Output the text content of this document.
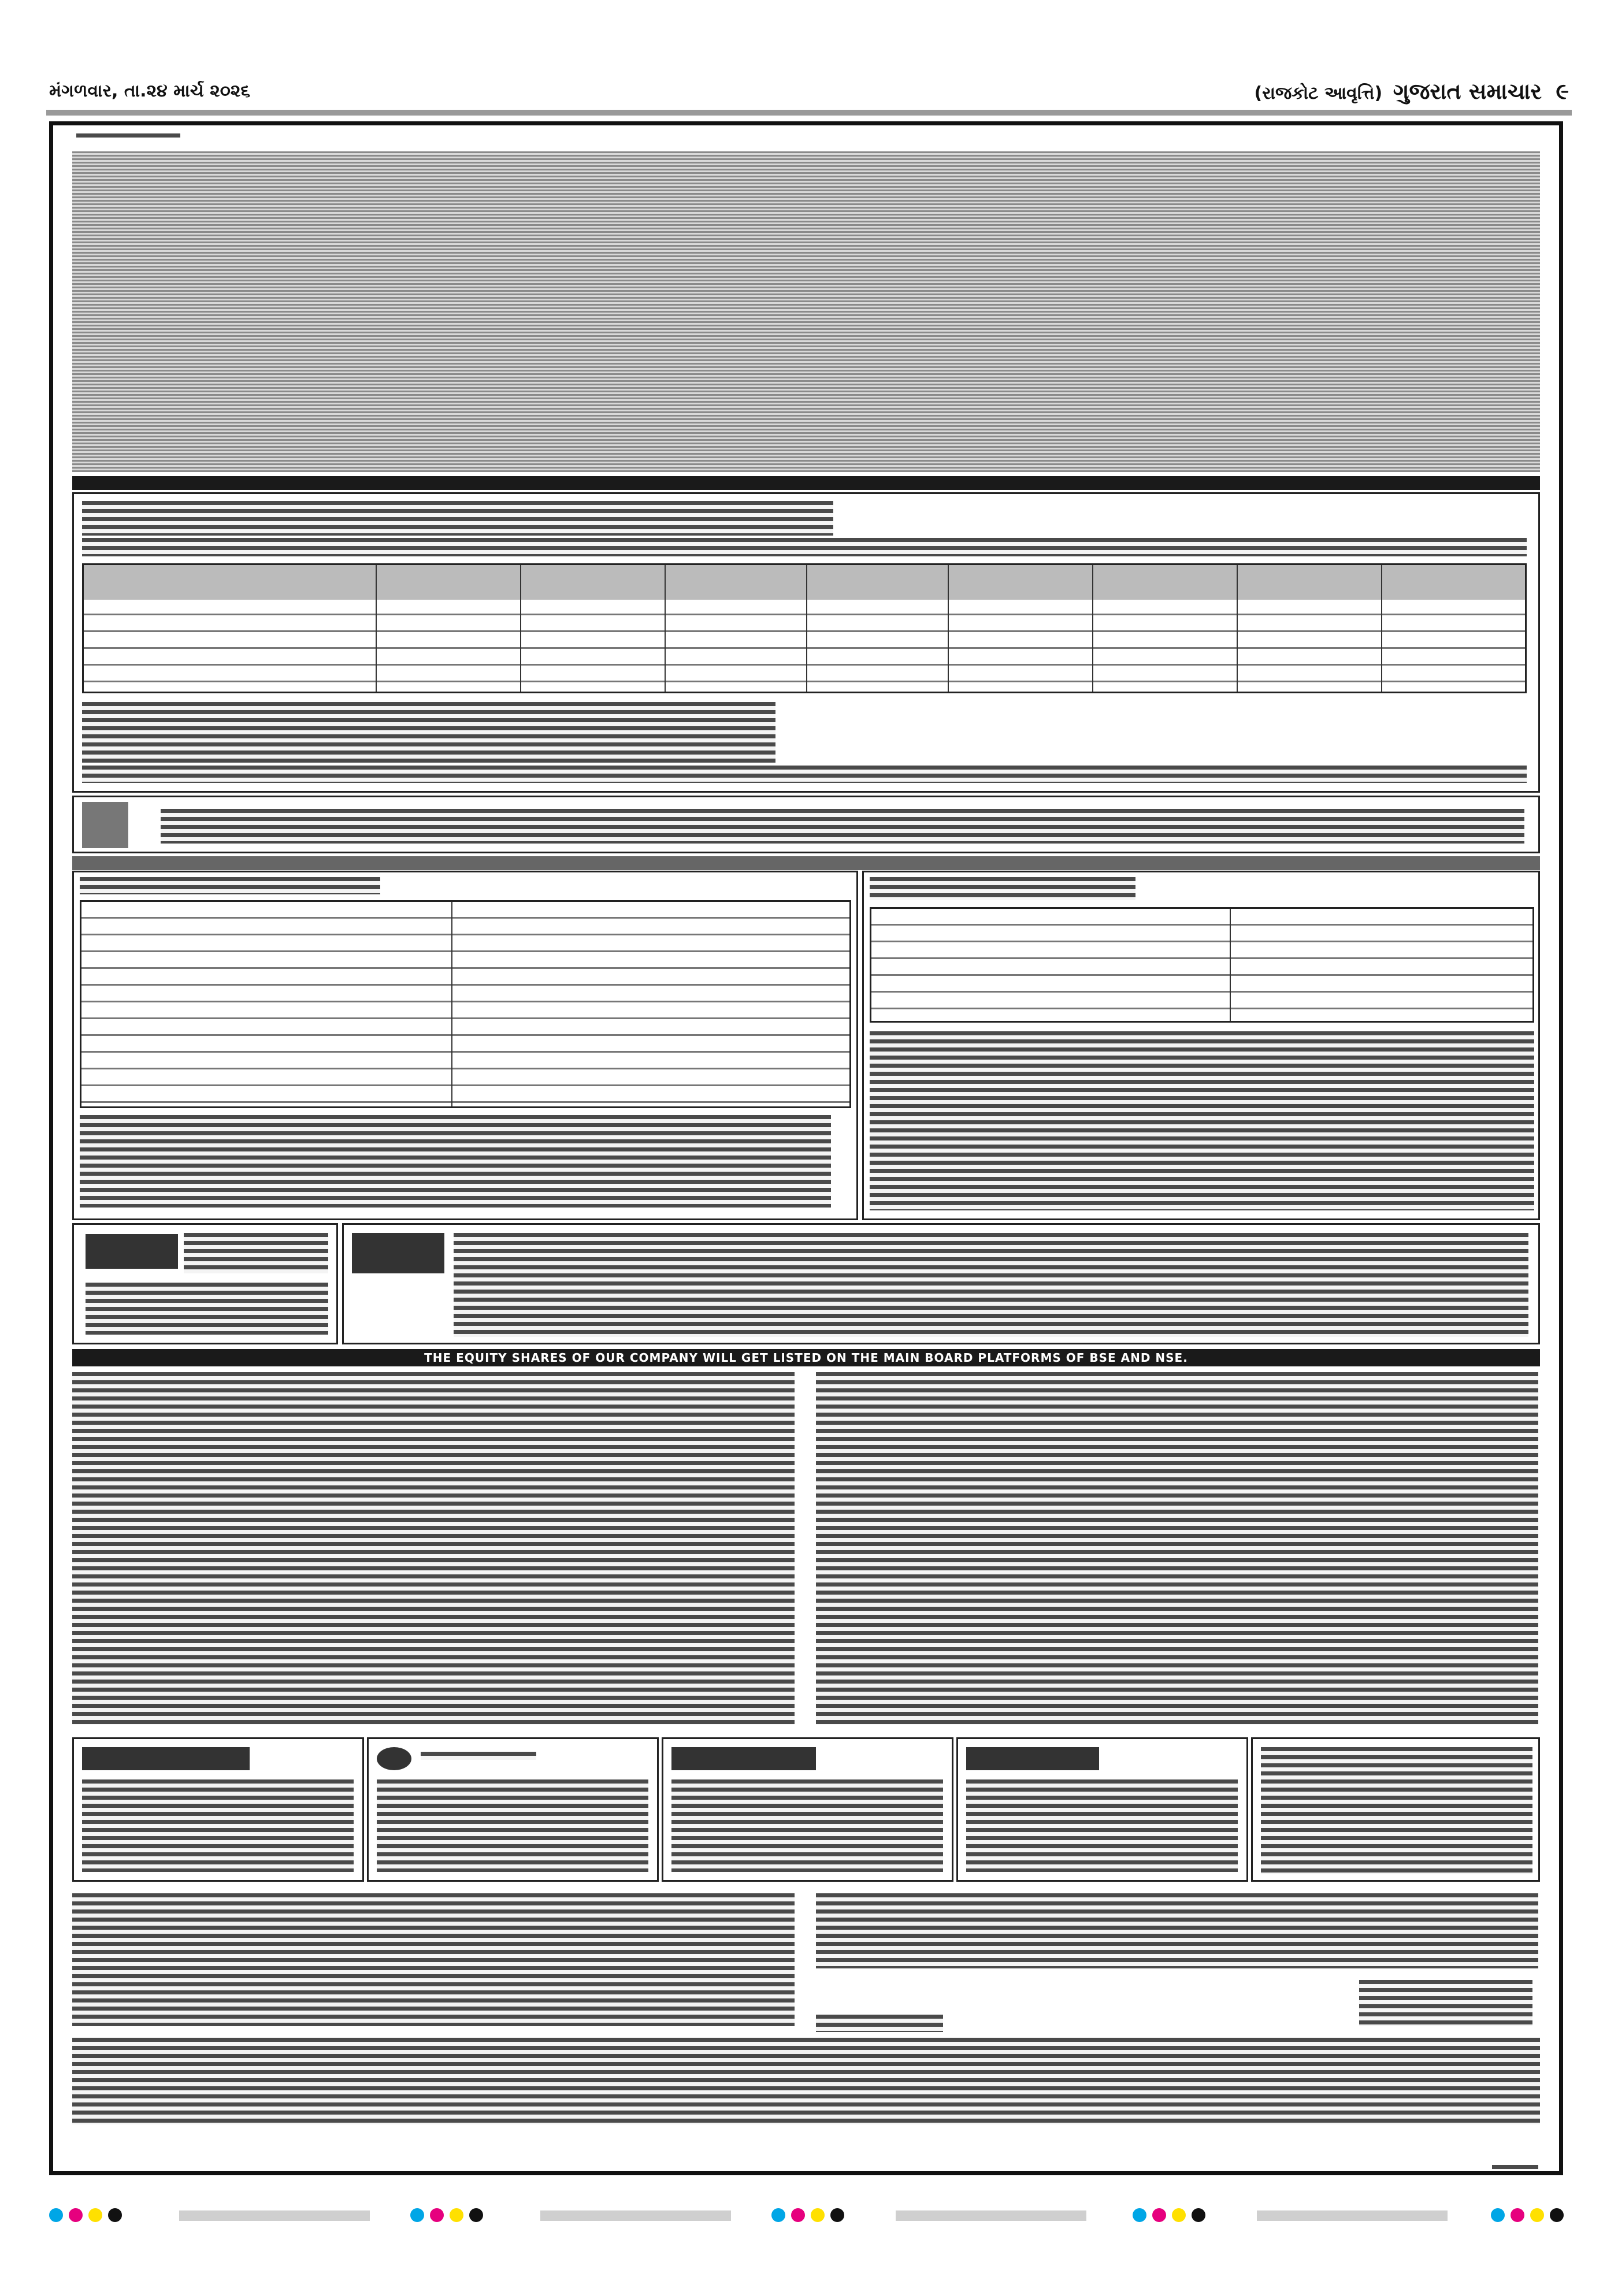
મંગળવાર, તા.૨૪ માર્ચ ૨૦૨૬	(રાજકોટ આવૃત્તિ) ગુજરાત સમાચાર ૯
THE EQUITY SHARES OF OUR COMPANY WILL GET LISTED ON THE MAIN BOARD PLATFORMS OF BSE AND NSE.
